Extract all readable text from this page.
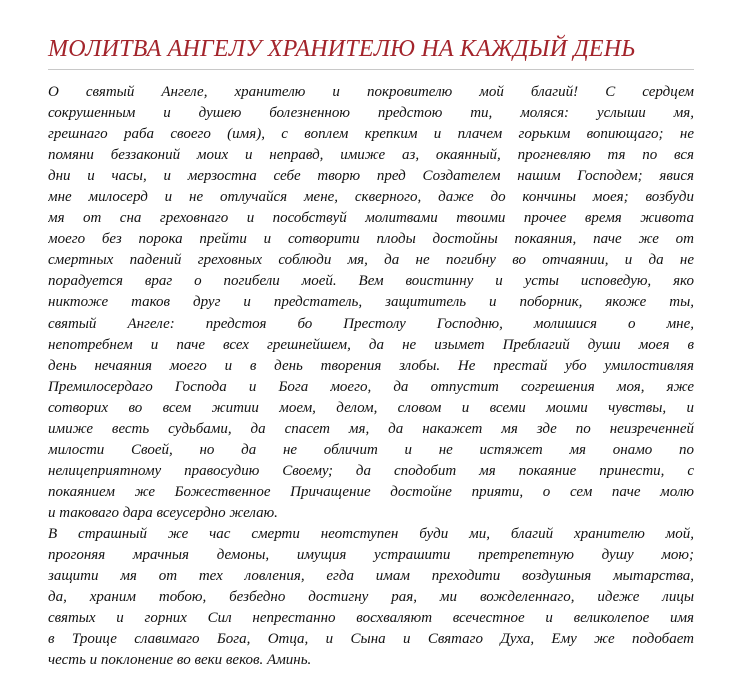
МОЛИТВА АНГЕЛУ ХРАНИТЕЛЮ НА КАЖДЫЙ ДЕНЬ
О святый Ангеле, хранителю и покровителю мой благий! С сердцем
сокрушенным и душею болезненною предстою ти, моляся: услыши мя,
грешнаго раба своего (имя), с воплем крепким и плачем горьким вопиющаго; не
помяни беззаконий моих и неправд, имиже аз, окаянный, прогневляю тя по вся
дни и часы, и мерзостна себе творю пред Создателем нашим Господем; явися
мне милосерд и не отлучайся мене, скверного, даже до кончины моея; возбуди
мя от сна греховнаго и пособствуй молитвами твоими прочее время живота
моего без порока прейти и сотворити плоды достойны покаяния, паче же от
смертных падений греховных соблюди мя, да не погибну во отчаянии, и да не
порадуется враг о погибели моей. Вем воистинну и усты исповедую, яко
никтоже таков друг и предстатель, защититель и поборник, якоже ты,
святый Ангеле: предстоя бо Престолу Господню, молишися о мне,
непотребнем и паче всех грешнейшем, да не изымет Преблагий души моея в
день нечаяния моего и в день творения злобы. Не престай убо умилостивляя
Премилосердаго Господа и Бога моего, да отпустит согрешения моя, яже
сотворих во всем житии моем, делом, словом и всеми моими чувствы, и
имиже весть судьбами, да спасет мя, да накажет мя зде по неизреченней
милости Своей, но да не обличит и не истяжет мя онамо по
нелицеприятному правосудию Своему; да сподобит мя покаяние принести, с
покаянием же Божественное Причащение достойне прияти, о сем паче молю
и таковаго дара всеусердно желаю.
В страшный же час смерти неотступен буди ми, благий хранителю мой,
прогоняя мрачныя демоны, имущия устрашити претрепетную душу мою;
защити мя от тех ловления, егда имам преходити воздушныя мытарства,
да, храним тобою, безбедно достигну рая, ми вожделеннаго, идеже лицы
святых и горних Сил непрестанно восхваляют всечестное и великолепое имя
в Троице славимаго Бога, Отца, и Сына и Святаго Духа, Ему же подобает
честь и поклонение во веки веков. Аминь.
